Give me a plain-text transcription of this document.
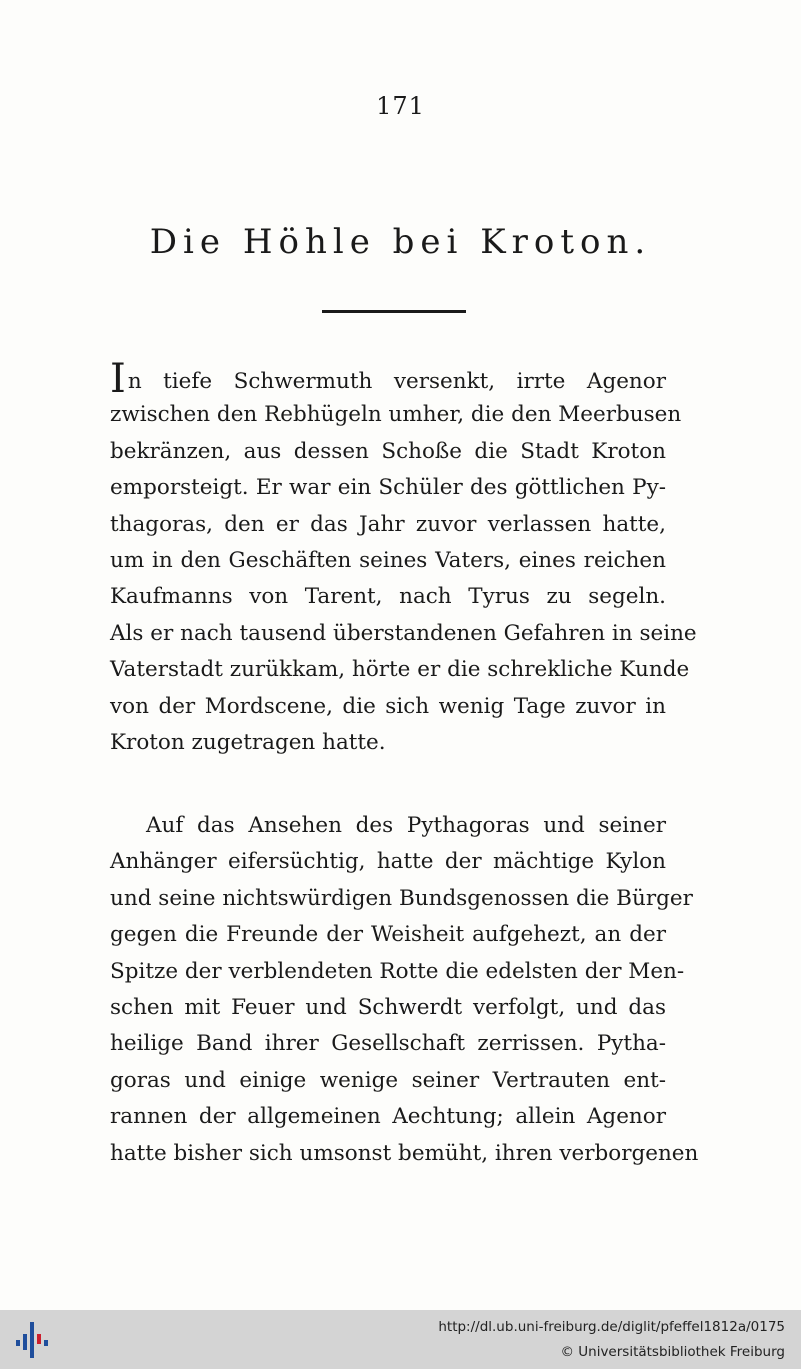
171
Die Höhle bei Kroton.
In tiefe Schwermuth versenkt, irrte Agenor
zwischen den Rebhügeln umher, die den Meerbusen
bekränzen, aus dessen Schoße die Stadt Kroton
emporsteigt. Er war ein Schüler des göttlichen Py-
thagoras, den er das Jahr zuvor verlassen hatte,
um in den Geschäften seines Vaters, eines reichen
Kaufmanns von Tarent, nach Tyrus zu segeln.
Als er nach tausend überstandenen Gefahren in seine
Vaterstadt zurükkam, hörte er die schrekliche Kunde
von der Mordscene, die sich wenig Tage zuvor in
Kroton zugetragen hatte.
Auf das Ansehen des Pythagoras und seiner
Anhänger eifersüchtig, hatte der mächtige Kylon
und seine nichtswürdigen Bundsgenossen die Bürger
gegen die Freunde der Weisheit aufgehezt, an der
Spitze der verblendeten Rotte die edelsten der Men-
schen mit Feuer und Schwerdt verfolgt, und das
heilige Band ihrer Gesellschaft zerrissen. Pytha-
goras und einige wenige seiner Vertrauten ent-
rannen der allgemeinen Aechtung; allein Agenor
hatte bisher sich umsonst bemüht, ihren verborgenen
http://dl.ub.uni-freiburg.de/diglit/pfeffel1812a/0175
© Universitätsbibliothek Freiburg
